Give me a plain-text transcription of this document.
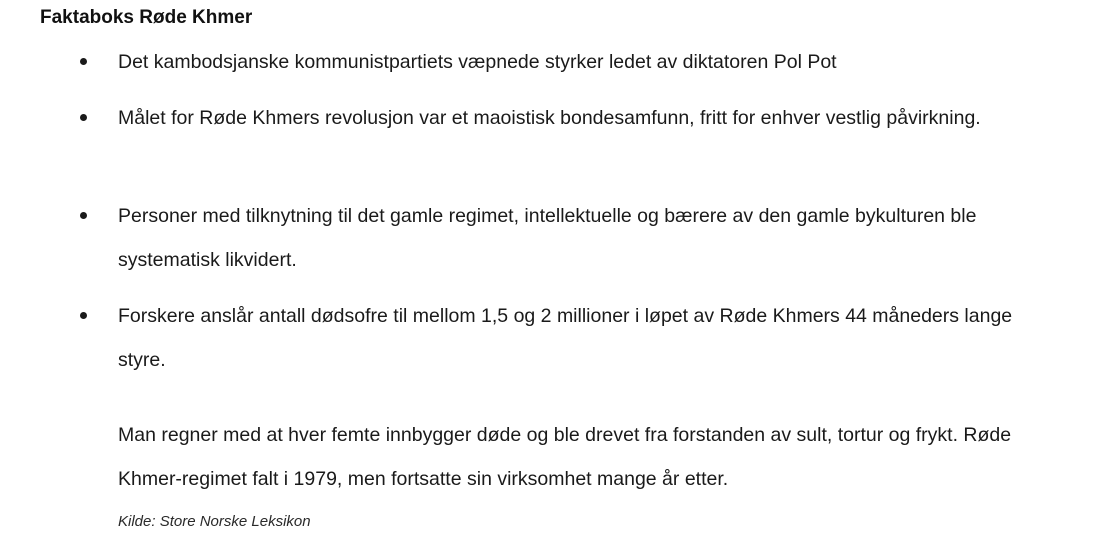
Faktaboks Røde Khmer
Det kambodsjanske kommunistpartiets væpnede styrker ledet av diktatoren Pol Pot
Målet for Røde Khmers revolusjon var et maoistisk bondesamfunn, fritt for enhver vestlig påvirkning.
Personer med tilknytning til det gamle regimet, intellektuelle og bærere av den gamle bykulturen ble systematisk likvidert.
Forskere anslår antall dødsofre til mellom 1,5 og 2 millioner i løpet av Røde Khmers 44 måneders lange styre.

Man regner med at hver femte innbygger døde og ble drevet fra forstanden av sult, tortur og frykt. Røde Khmer-regimet falt i 1979, men fortsatte sin virksomhet mange år etter.

Kilde: Store Norske Leksikon
